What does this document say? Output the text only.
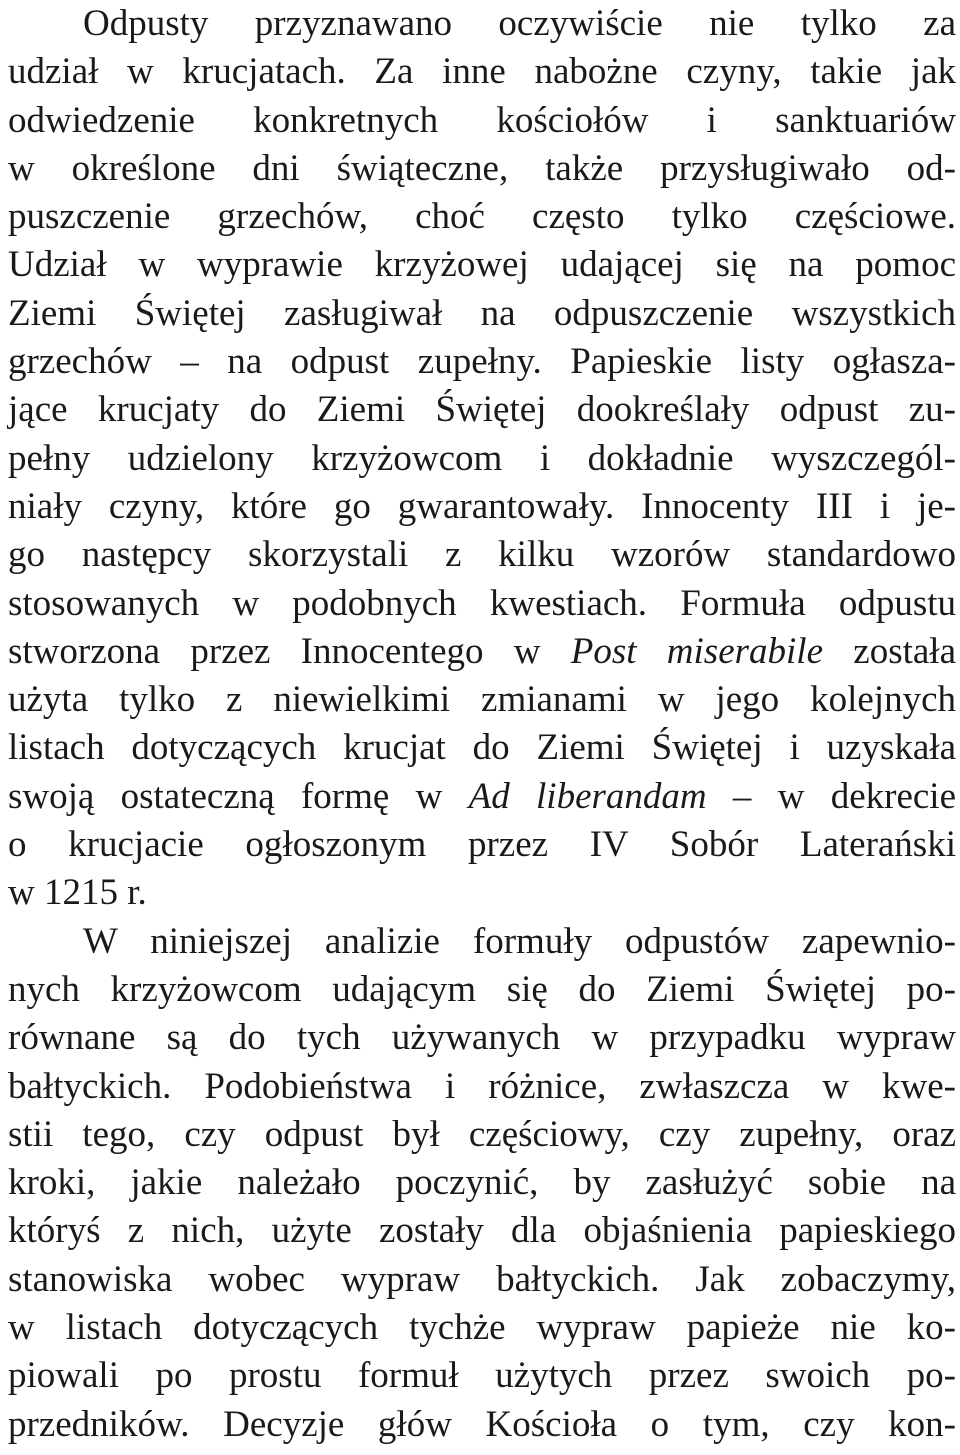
Odpusty przyznawano oczywiście nie tylko za
udział w krucjatach. Za inne nabożne czyny, takie jak
odwiedzenie konkretnych kościołów i sanktuariów
w określone dni świąteczne, także przysługiwało od-
puszczenie grzechów, choć często tylko częściowe.
Udział w wyprawie krzyżowej udającej się na pomoc
Ziemi Świętej zasługiwał na odpuszczenie wszystkich
grzechów – na odpust zupełny. Papieskie listy ogłasza-
jące krucjaty do Ziemi Świętej dookreślały odpust zu-
pełny udzielony krzyżowcom i dokładnie wyszczegól-
niały czyny, które go gwarantowały. Innocenty III i je-
go następcy skorzystali z kilku wzorów standardowo
stosowanych w podobnych kwestiach. Formuła odpustu
stworzona przez Innocentego w Post miserabile została
użyta tylko z niewielkimi zmianami w jego kolejnych
listach dotyczących krucjat do Ziemi Świętej i uzyskała
swoją ostateczną formę w Ad liberandam – w dekrecie
o krucjacie ogłoszonym przez IV Sobór Laterański
w 1215 r.
W niniejszej analizie formuły odpustów zapewnio-
nych krzyżowcom udającym się do Ziemi Świętej po-
równane są do tych używanych w przypadku wypraw
bałtyckich. Podobieństwa i różnice, zwłaszcza w kwe-
stii tego, czy odpust był częściowy, czy zupełny, oraz
kroki, jakie należało poczynić, by zasłużyć sobie na
któryś z nich, użyte zostały dla objaśnienia papieskiego
stanowiska wobec wypraw bałtyckich. Jak zobaczymy,
w listach dotyczących tychże wypraw papieże nie ko-
piowali po prostu formuł użytych przez swoich po-
przedników. Decyzje głów Kościoła o tym, czy kon-
